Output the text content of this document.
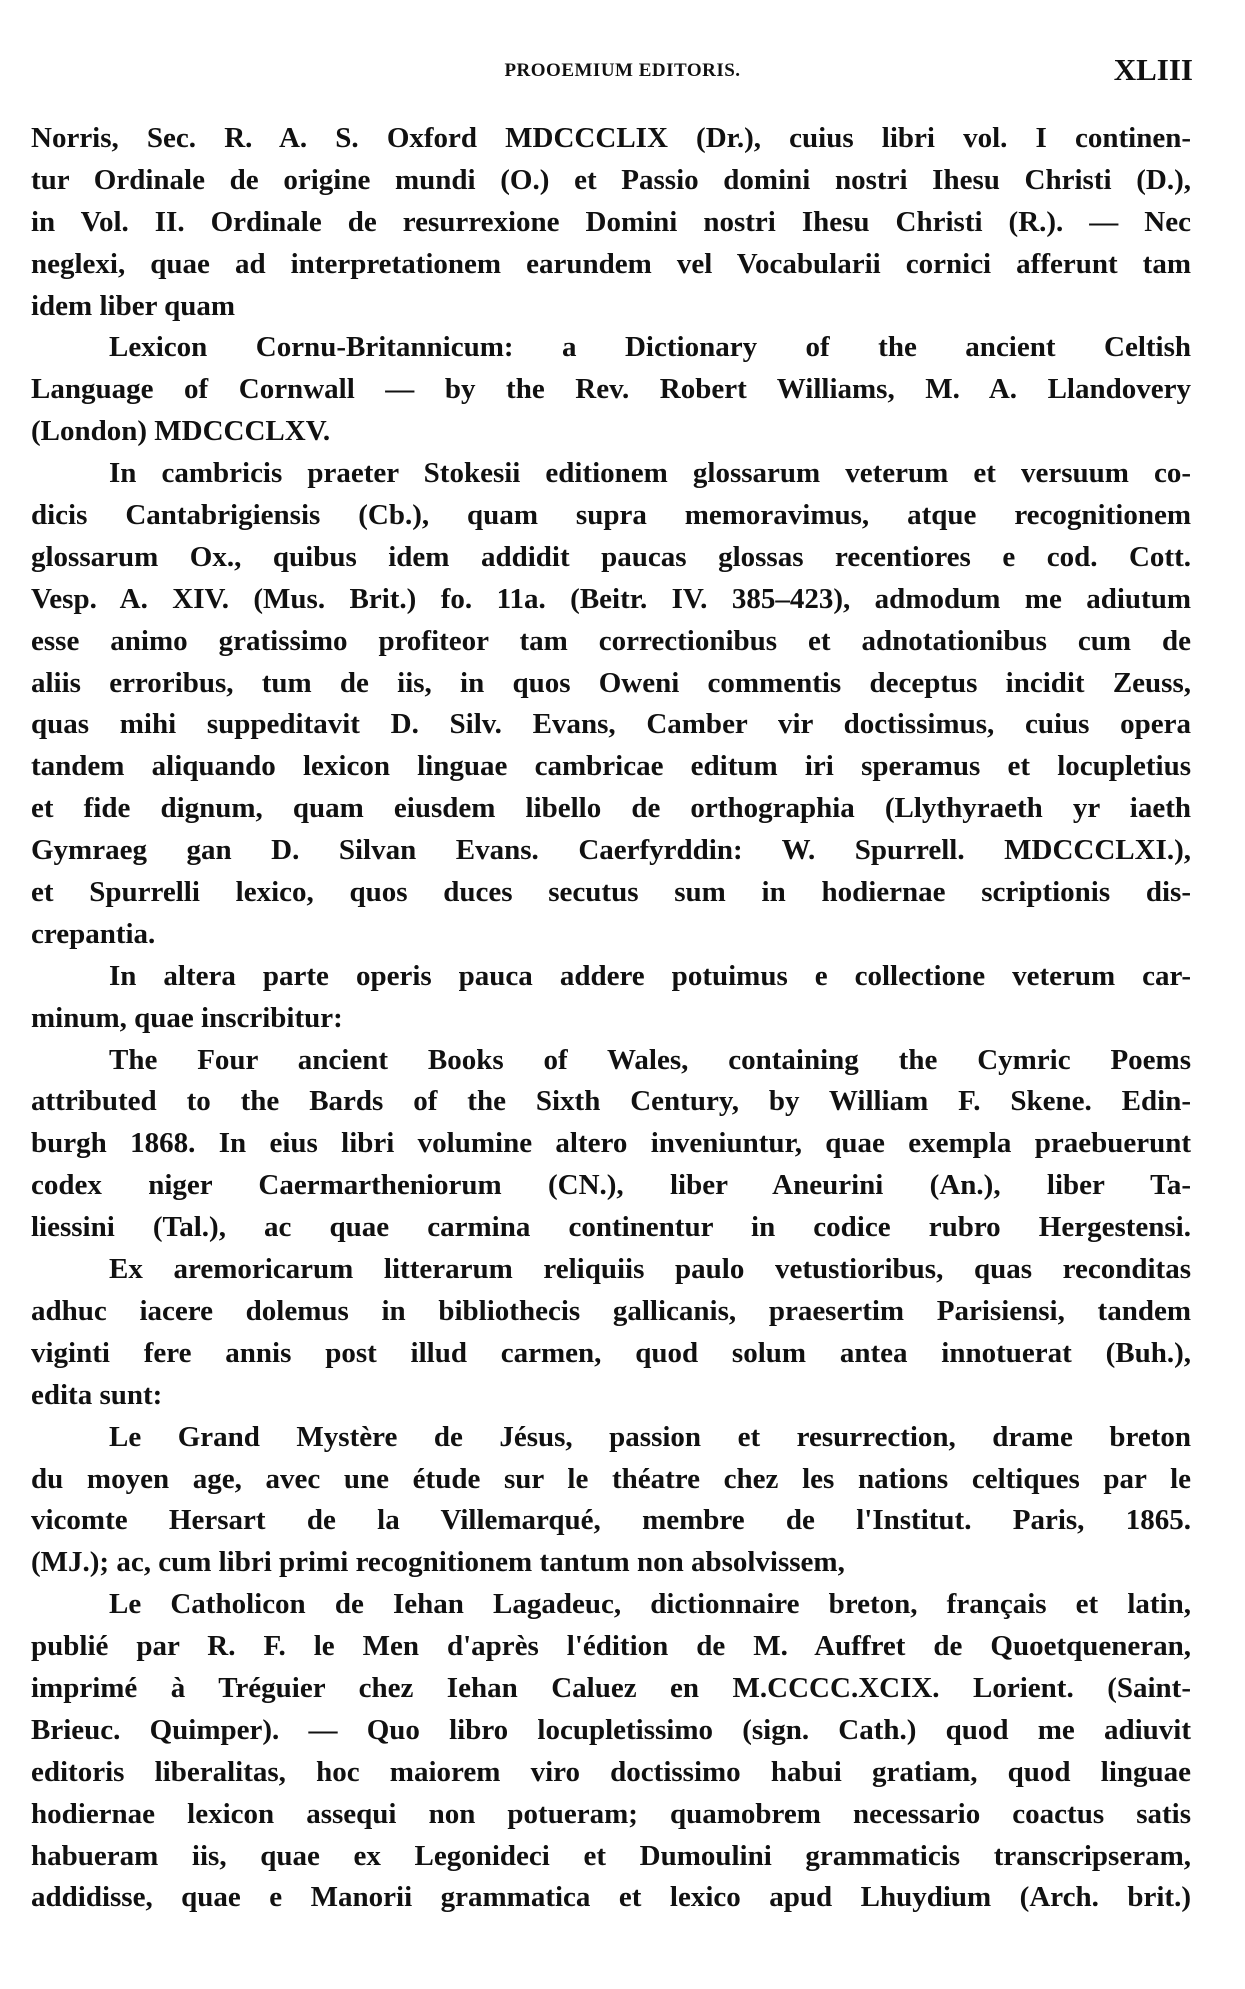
PROOEMIUM EDITORIS.	XLIII
Norris, Sec. R. A. S. Oxford MDCCCLIX (Dr.), cuius libri vol. I continen-
tur Ordinale de origine mundi (O.) et Passio domini nostri Ihesu Christi (D.),
in Vol. II. Ordinale de resurrexione Domini nostri Ihesu Christi (R.). — Nec
neglexi, quae ad interpretationem earundem vel Vocabularii cornici afferunt tam
idem liber quam
Lexicon Cornu-Britannicum: a Dictionary of the ancient Celtish
Language of Cornwall — by the Rev. Robert Williams, M. A. Llandovery
(London) MDCCCLXV.
In cambricis praeter Stokesii editionem glossarum veterum et versuum co-
dicis Cantabrigiensis (Cb.), quam supra memoravimus, atque recognitionem
glossarum Ox., quibus idem addidit paucas glossas recentiores e cod. Cott.
Vesp. A. XIV. (Mus. Brit.) fo. 11a. (Beitr. IV. 385–423), admodum me adiutum
esse animo gratissimo profiteor tam correctionibus et adnotationibus cum de
aliis erroribus, tum de iis, in quos Oweni commentis deceptus incidit Zeuss,
quas mihi suppeditavit D. Silv. Evans, Camber vir doctissimus, cuius opera
tandem aliquando lexicon linguae cambricae editum iri speramus et locupletius
et fide dignum, quam eiusdem libello de orthographia (Llythyraeth yr iaeth
Gymraeg gan D. Silvan Evans. Caerfyrddin: W. Spurrell. MDCCCLXI.),
et Spurrelli lexico, quos duces secutus sum in hodiernae scriptionis dis-
crepantia.
In altera parte operis pauca addere potuimus e collectione veterum car-
minum, quae inscribitur:
The Four ancient Books of Wales, containing the Cymric Poems
attributed to the Bards of the Sixth Century, by William F. Skene. Edin-
burgh 1868. In eius libri volumine altero inveniuntur, quae exempla praebuerunt
codex niger Caermartheniorum (CN.), liber Aneurini (An.), liber Ta-
liessini (Tal.), ac quae carmina continentur in codice rubro Hergestensi.
Ex aremoricarum litterarum reliquiis paulo vetustioribus, quas reconditas
adhuc iacere dolemus in bibliothecis gallicanis, praesertim Parisiensi, tandem
viginti fere annis post illud carmen, quod solum antea innotuerat (Buh.),
edita sunt:
Le Grand Mystère de Jésus, passion et resurrection, drame breton
du moyen age, avec une étude sur le théatre chez les nations celtiques par le
vicomte Hersart de la Villemarqué, membre de l'Institut. Paris, 1865.
(MJ.); ac, cum libri primi recognitionem tantum non absolvissem,
Le Catholicon de Iehan Lagadeuc, dictionnaire breton, français et latin,
publié par R. F. le Men d'après l'édition de M. Auffret de Quoetqueneran,
imprimé à Tréguier chez Iehan Caluez en M.CCCC.XCIX. Lorient. (Saint-
Brieuc. Quimper). — Quo libro locupletissimo (sign. Cath.) quod me adiuvit
editoris liberalitas, hoc maiorem viro doctissimo habui gratiam, quod linguae
hodiernae lexicon assequi non potueram; quamobrem necessario coactus satis
habueram iis, quae ex Legonideci et Dumoulini grammaticis transcripseram,
addidisse, quae e Manorii grammatica et lexico apud Lhuydium (Arch. brit.)
